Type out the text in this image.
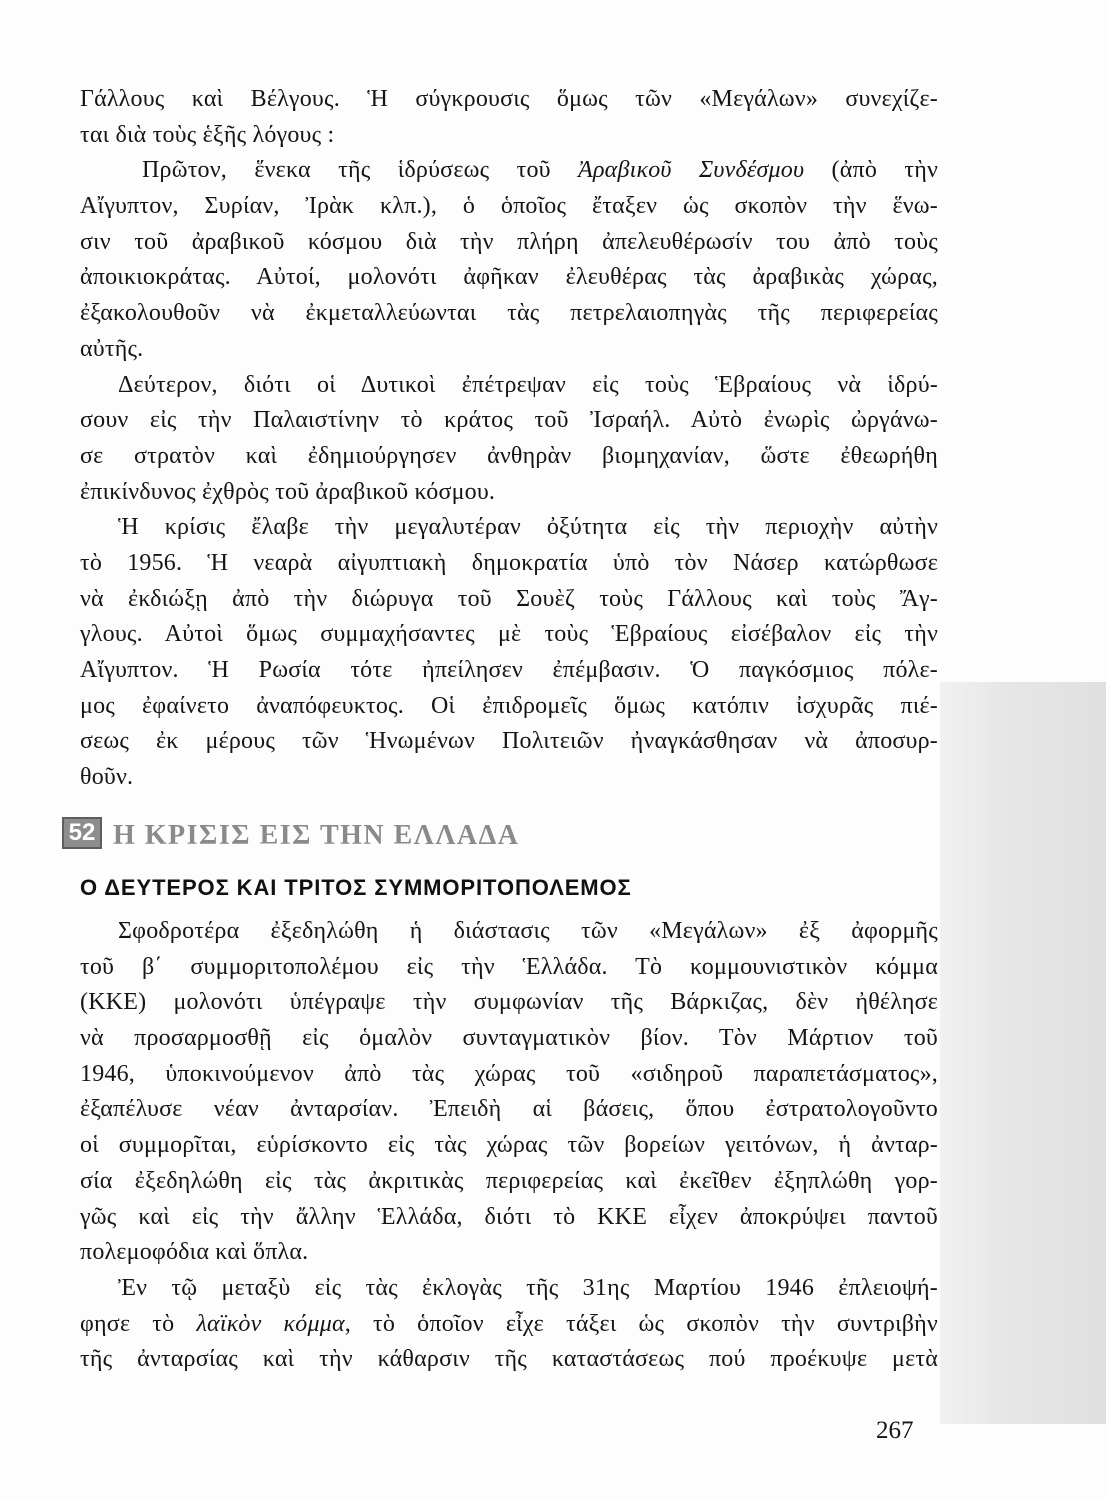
Γάλλους καὶ Βέλγους. Ἡ σύγκρουσις ὅμως τῶν «Μεγάλων» συνεχίζε-
ται διὰ τοὺς ἑξῆς λόγους :
Πρῶτον, ἕνεκα τῆς ἱδρύσεως τοῦ Ἀραβικοῦ Συνδέσμου (ἀπὸ τὴν
Αἴγυπτον, Συρίαν, Ἰρὰκ κλπ.), ὁ ὁποῖος ἔταξεν ὡς σκοπὸν τὴν ἕνω-
σιν τοῦ ἀραβικοῦ κόσμου διὰ τὴν πλήρη ἀπελευθέρωσίν του ἀπὸ τοὺς
ἀποικιοκράτας. Αὐτοί, μολονότι ἀφῆκαν ἐλευθέρας τὰς ἀραβικὰς χώρας,
ἐξακολουθοῦν νὰ ἐκμεταλλεύωνται τὰς πετρελαιοπηγὰς τῆς περιφερείας
αὐτῆς.
Δεύτερον, διότι οἱ Δυτικοὶ ἐπέτρεψαν εἰς τοὺς Ἑβραίους νὰ ἱδρύ-
σουν εἰς τὴν Παλαιστίνην τὸ κράτος τοῦ Ἰσραήλ. Αὐτὸ ἐνωρὶς ὠργάνω-
σε στρατὸν καὶ ἐδημιούργησεν ἀνθηρὰν βιομηχανίαν, ὥστε ἐθεωρήθη
ἐπικίνδυνος ἐχθρὸς τοῦ ἀραβικοῦ κόσμου.
Ἡ κρίσις ἔλαβε τὴν μεγαλυτέραν ὀξύτητα εἰς τὴν περιοχὴν αὐτὴν
τὸ 1956. Ἡ νεαρὰ αἰγυπτιακὴ δημοκρατία ὑπὸ τὸν Νάσερ κατώρθωσε
νὰ ἐκδιώξῃ ἀπὸ τὴν διώρυγα τοῦ Σουὲζ τοὺς Γάλλους καὶ τοὺς Ἄγ-
γλους. Αὐτοὶ ὅμως συμμαχήσαντες μὲ τοὺς Ἑβραίους εἰσέβαλον εἰς τὴν
Αἴγυπτον. Ἡ Ρωσία τότε ἠπείλησεν ἐπέμβασιν. Ὁ παγκόσμιος πόλε-
μος ἐφαίνετο ἀναπόφευκτος. Οἱ ἐπιδρομεῖς ὅμως κατόπιν ἰσχυρᾶς πιέ-
σεως ἐκ μέρους τῶν Ἡνωμένων Πολιτειῶν ἠναγκάσθησαν νὰ ἀποσυρ-
θοῦν.
52 Η ΚΡΙΣΙΣ ΕΙΣ ΤΗΝ ΕΛΛΑΔΑ
Ο ΔΕΥΤΕΡΟΣ ΚΑΙ ΤΡΙΤΟΣ ΣΥΜΜΟΡΙΤΟΠΟΛΕΜΟΣ
Σφοδροτέρα ἐξεδηλώθη ἡ διάστασις τῶν «Μεγάλων» ἐξ ἀφορμῆς
τοῦ β΄ συμμοριτοπολέμου εἰς τὴν Ἑλλάδα. Τὸ κομμουνιστικὸν κόμμα
(ΚΚΕ) μολονότι ὑπέγραψε τὴν συμφωνίαν τῆς Βάρκιζας, δὲν ἠθέλησε
νὰ προσαρμοσθῇ εἰς ὁμαλὸν συνταγματικὸν βίον. Τὸν Μάρτιον τοῦ
1946, ὑποκινούμενον ἀπὸ τὰς χώρας τοῦ «σιδηροῦ παραπετάσματος»,
ἐξαπέλυσε νέαν ἀνταρσίαν. Ἐπειδὴ αἱ βάσεις, ὅπου ἐστρατολογοῦντο
οἱ συμμορῖται, εὑρίσκοντο εἰς τὰς χώρας τῶν βορείων γειτόνων, ἡ ἀνταρ-
σία ἐξεδηλώθη εἰς τὰς ἀκριτικὰς περιφερείας καὶ ἐκεῖθεν ἐξηπλώθη γορ-
γῶς καὶ εἰς τὴν ἄλλην Ἑλλάδα, διότι τὸ ΚΚΕ εἶχεν ἀποκρύψει παντοῦ
πολεμοφόδια καὶ ὅπλα.
Ἐν τῷ μεταξὺ εἰς τὰς ἐκλογὰς τῆς 31ης Μαρτίου 1946 ἐπλειοψή-
φησε τὸ λαϊκὸν κόμμα, τὸ ὁποῖον εἶχε τάξει ὡς σκοπὸν τὴν συντριβὴν
τῆς ἀνταρσίας καὶ τὴν κάθαρσιν τῆς καταστάσεως πού προέκυψε μετὰ
267
